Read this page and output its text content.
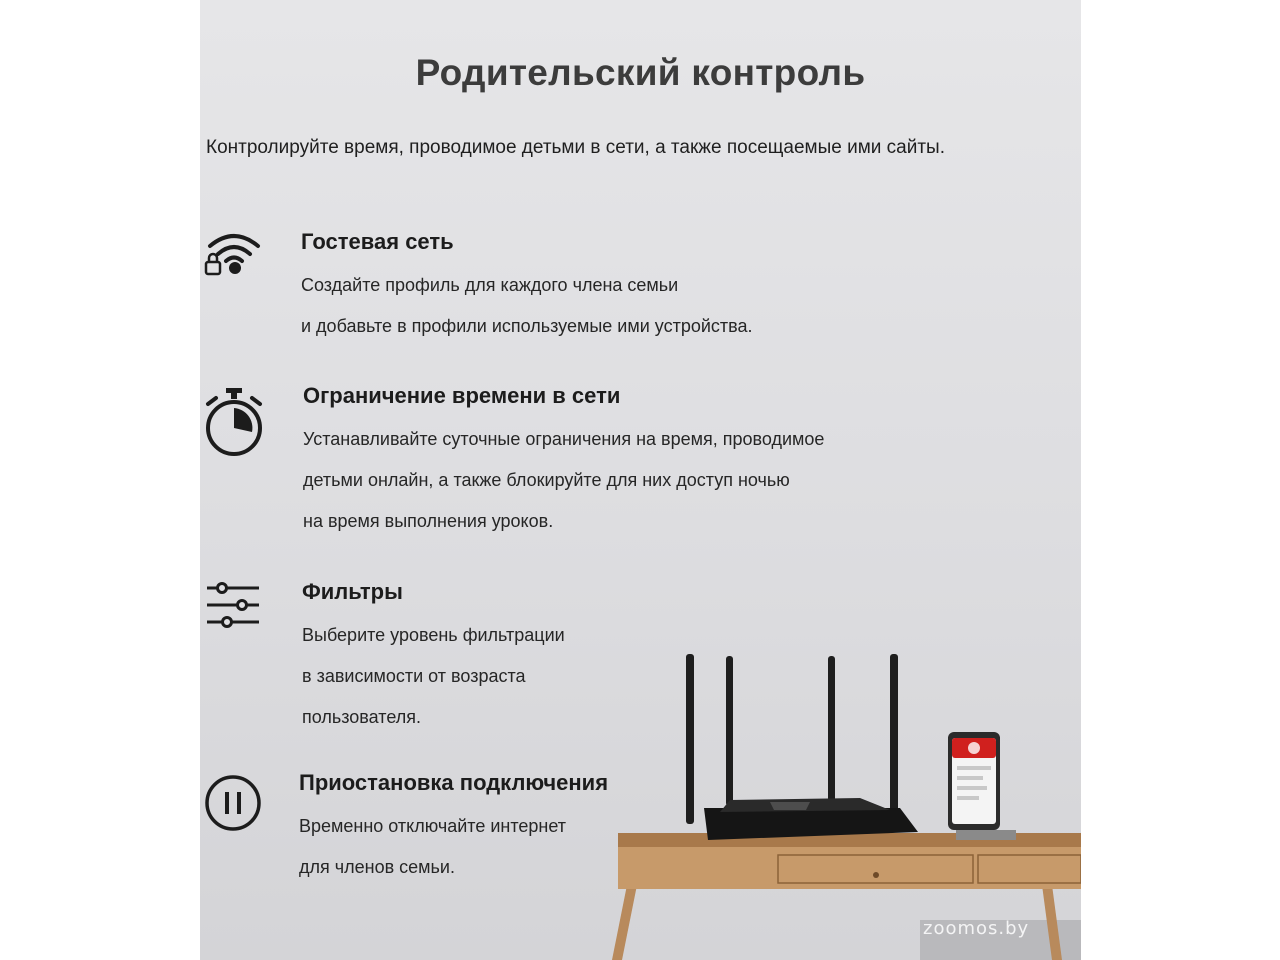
Родительский контроль
Контролируйте время, проводимое детьми в сети, а также посещаемые ими сайты.
Гостевая сеть
Создайте профиль для каждого члена семьи
и добавьте в профили используемые ими устройства.
Ограничение времени в сети
Устанавливайте суточные ограничения на время, проводимое
детьми онлайн, а также блокируйте для них доступ ночью
на время выполнения уроков.
Фильтры
Выберите уровень фильтрации
в зависимости от возраста
пользователя.
Приостановка подключения
Временно отключайте интернет
для членов семьи.
zoomos.by
